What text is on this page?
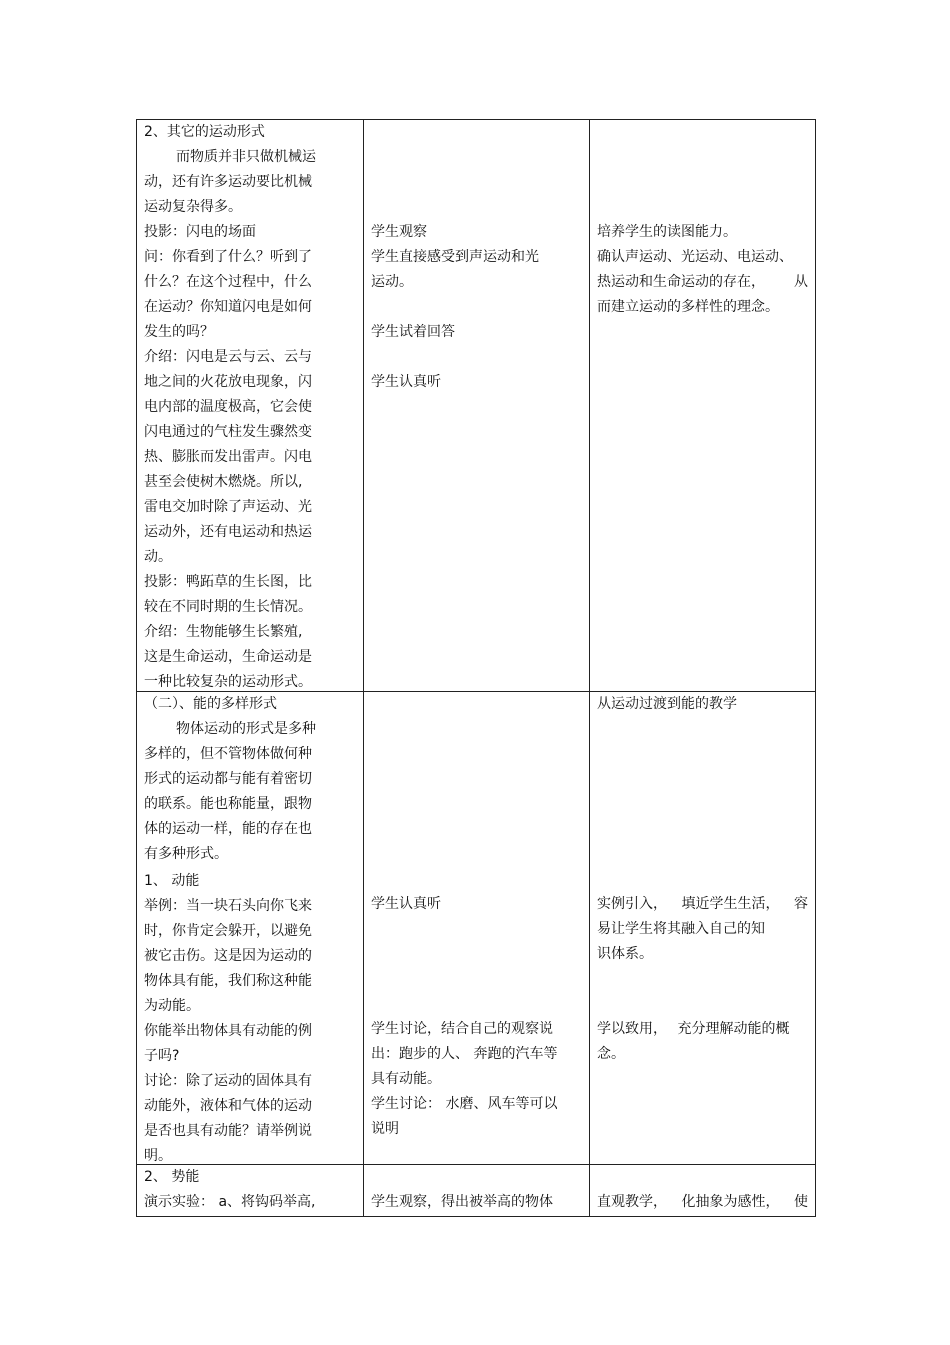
2、其它的运动形式
而物质并非只做机械运
动，还有许多运动要比机械
运动复杂得多。
投影：闪电的场面
问：你看到了什么？听到了
什么？在这个过程中，什么
在运动？你知道闪电是如何
发生的吗？
介绍：闪电是云与云、云与
地之间的火花放电现象，闪
电内部的温度极高，它会使
闪电通过的气柱发生骤然变
热、膨胀而发出雷声。闪电
甚至会使树木燃烧。所以,
雷电交加时除了声运动、光
运动外，还有电运动和热运
动。
投影：鸭跖草的生长图，比
较在不同时期的生长情况。
介绍：生物能够生长繁殖,
这是生命运动，生命运动是
一种比较复杂的运动形式。
学生观察
学生直接感受到声运动和光
运动。
学生试着回答
学生认真听
培养学生的读图能力。
确认声运动、光运动、电运动、
热运动和生命运动的存在， 从
而建立运动的多样性的理念。
（二）、能的多样形式
物体运动的形式是多种
多样的，但不管物体做何种
形式的运动都与能有着密切
的联系。能也称能量，跟物
体的运动一样，能的存在也
有多种形式。
1、 动能
举例：当一块石头向你飞来
时，你肯定会躲开，以避免
被它击伤。这是因为运动的
物体具有能，我们称这种能
为动能。
你能举出物体具有动能的例
子吗?
讨论：除了运动的固体具有
动能外，液体和气体的运动
是否也具有动能？请举例说
明。
学生认真听
学生讨论，结合自己的观察说
出：跑步的人、 奔跑的汽车等
具有动能。
学生讨论： 水磨、风车等可以
说明
从运动过渡到能的教学
实例引入， 填近学生生活， 容
易让学生将其融入自己的知
识体系。
学以致用， 充分理解动能的概
念。
2、 势能
演示实验： a、将钩码举高,	学生观察，得出被举高的物体	直观教学， 化抽象为感性， 使
